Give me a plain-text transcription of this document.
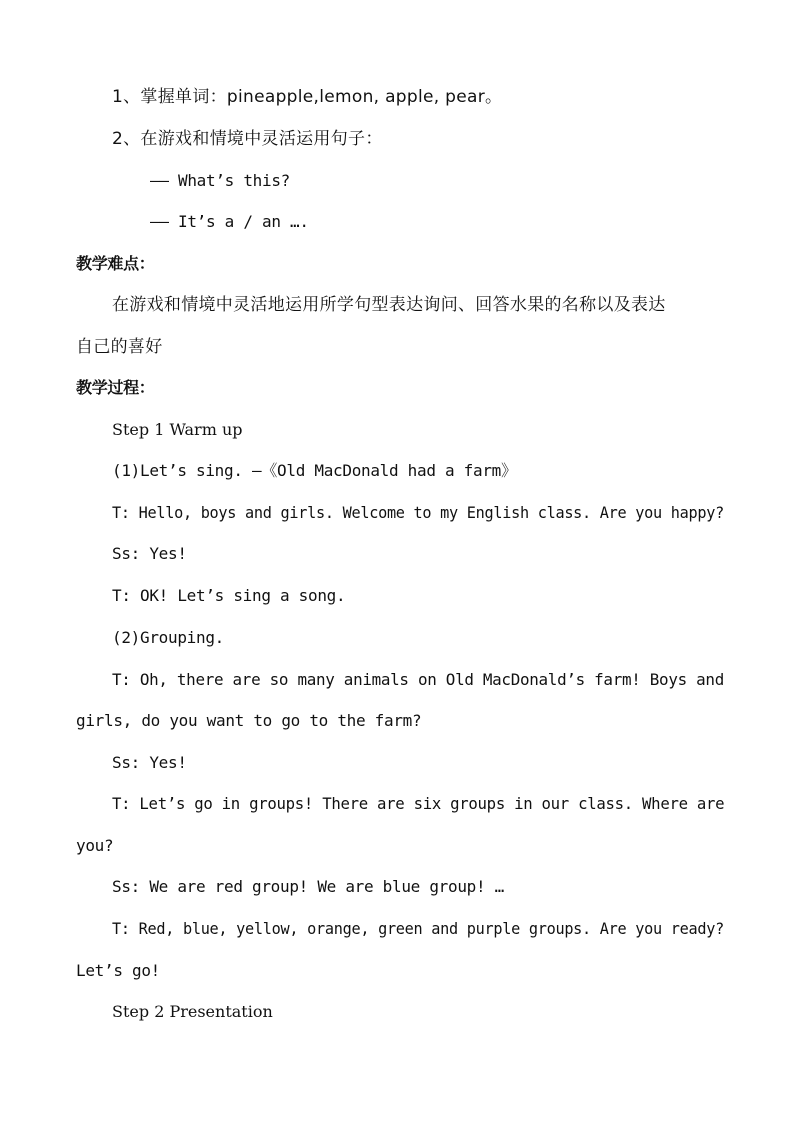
1、掌握单词：pineapple,lemon, apple, pear。
2、在游戏和情境中灵活运用句子：
—— What’s this?
—— It’s a / an ….
教学难点：
在游戏和情境中灵活地运用所学句型表达询问、回答水果的名称以及表达
自己的喜好
教学过程：
Step 1 Warm up
(1)Let’s sing. —《Old MacDonald had a farm》
T: Hello, boys and girls. Welcome to my English class. Are you happy?
Ss: Yes!
T: OK! Let’s sing a song.
(2)Grouping.
T: Oh, there are so many animals on Old MacDonald’s farm! Boys and
girls, do you want to go to the farm?
Ss: Yes!
T: Let’s go in groups! There are six groups in our class. Where are
you?
Ss: We are red group! We are blue group! …
T: Red, blue, yellow, orange, green and purple groups. Are you ready?
Let’s go!
Step 2 Presentation
